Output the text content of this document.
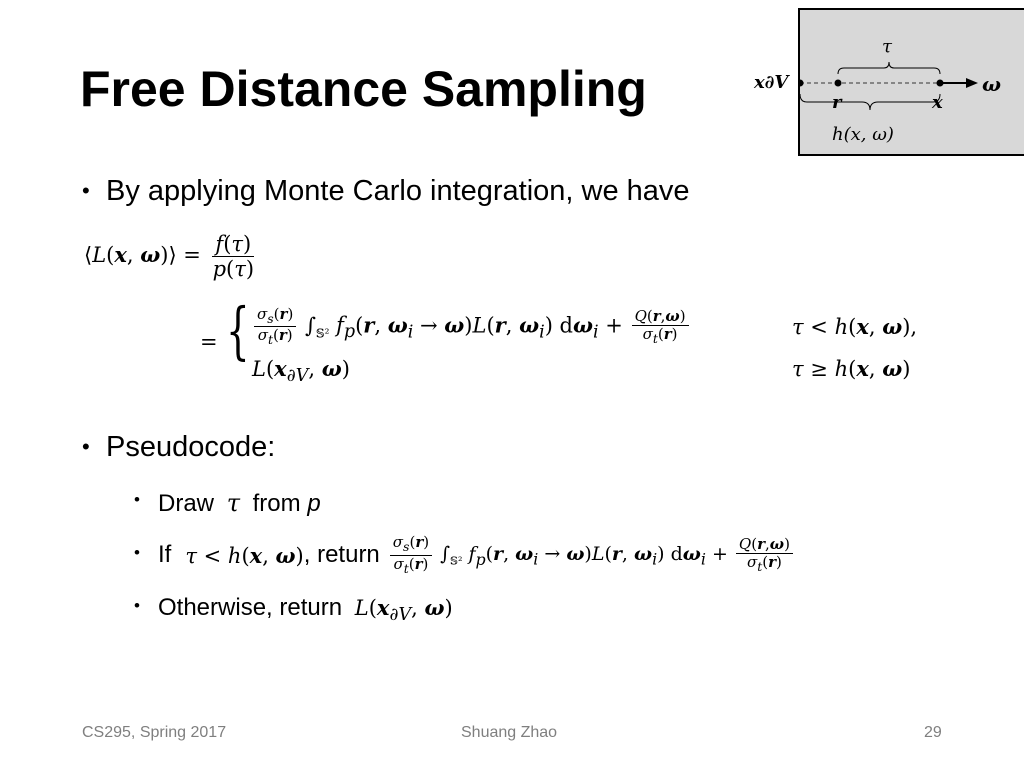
Free Distance Sampling
τ
x∂V
r	x
ω
h(x, ω)
• By applying Monte Carlo integration, we have
⟨L(x, ω)⟩ = $\frac{f(\tau)}{p(\tau)}$
= { $\frac{\sigma_s(r)}{\sigma_t(r)} \int_{𝕊^2}$ $f_p(r$, $\omega_i \to \omega)L(r$, $\omega_i$) $d\omega_i + \frac{Q(r,\omega)}{\sigma_t(r)}$	τ < h(x, ω),
$L(x_{\partial V}$, ω)	τ ≥ h(x, ω)
• Pseudocode:
• Draw τ from p
• If τ < h(x, ω) , return $\frac{\sigma_s(r)}{\sigma_t(r)} \int_{𝕊^2}$ $f_p(r$, $\omega_i \to \omega)L(r$, $\omega_i$) $d\omega_i + \frac{Q(r,\omega)}{\sigma_t(r)}$
• Otherwise, return $L(x_{\partial V}$, ω)
CS295, Spring 2017	Shuang Zhao	29
